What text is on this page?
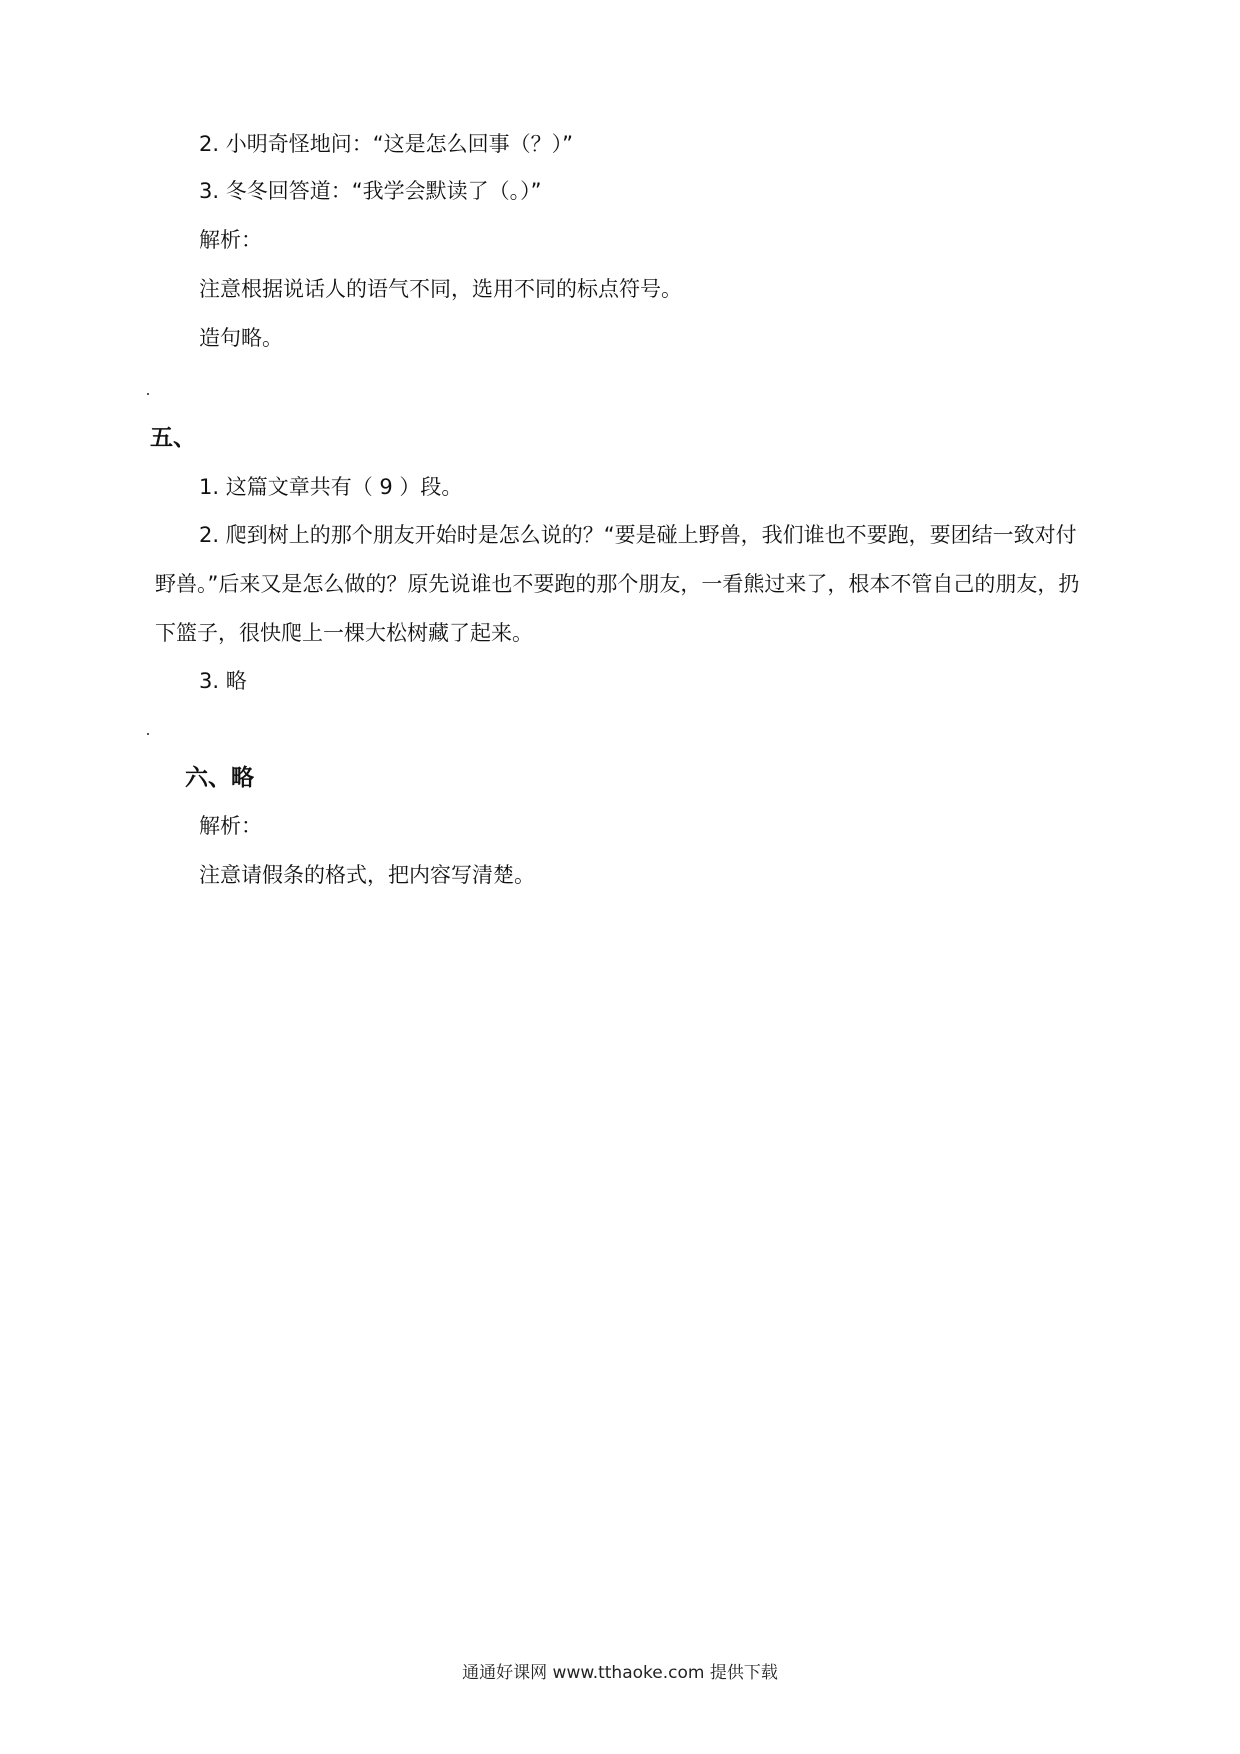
2. 小明奇怪地问：“这是怎么回事（？）”
3. 冬冬回答道：“我学会默读了（。）”
解析：
注意根据说话人的语气不同，选用不同的标点符号。
造句略。
五、
1. 这篇文章共有（ 9 ）段。
2. 爬到树上的那个朋友开始时是怎么说的？“要是碰上野兽，我们谁也不要跑，要团结一致对付
野兽。”后来又是怎么做的？原先说谁也不要跑的那个朋友，一看熊过来了，根本不管自己的朋友，扔
下篮子，很快爬上一棵大松树藏了起来。
3. 略
六、略
解析：
注意请假条的格式，把内容写清楚。
通通好课网 www.tthaoke.com 提供下载
